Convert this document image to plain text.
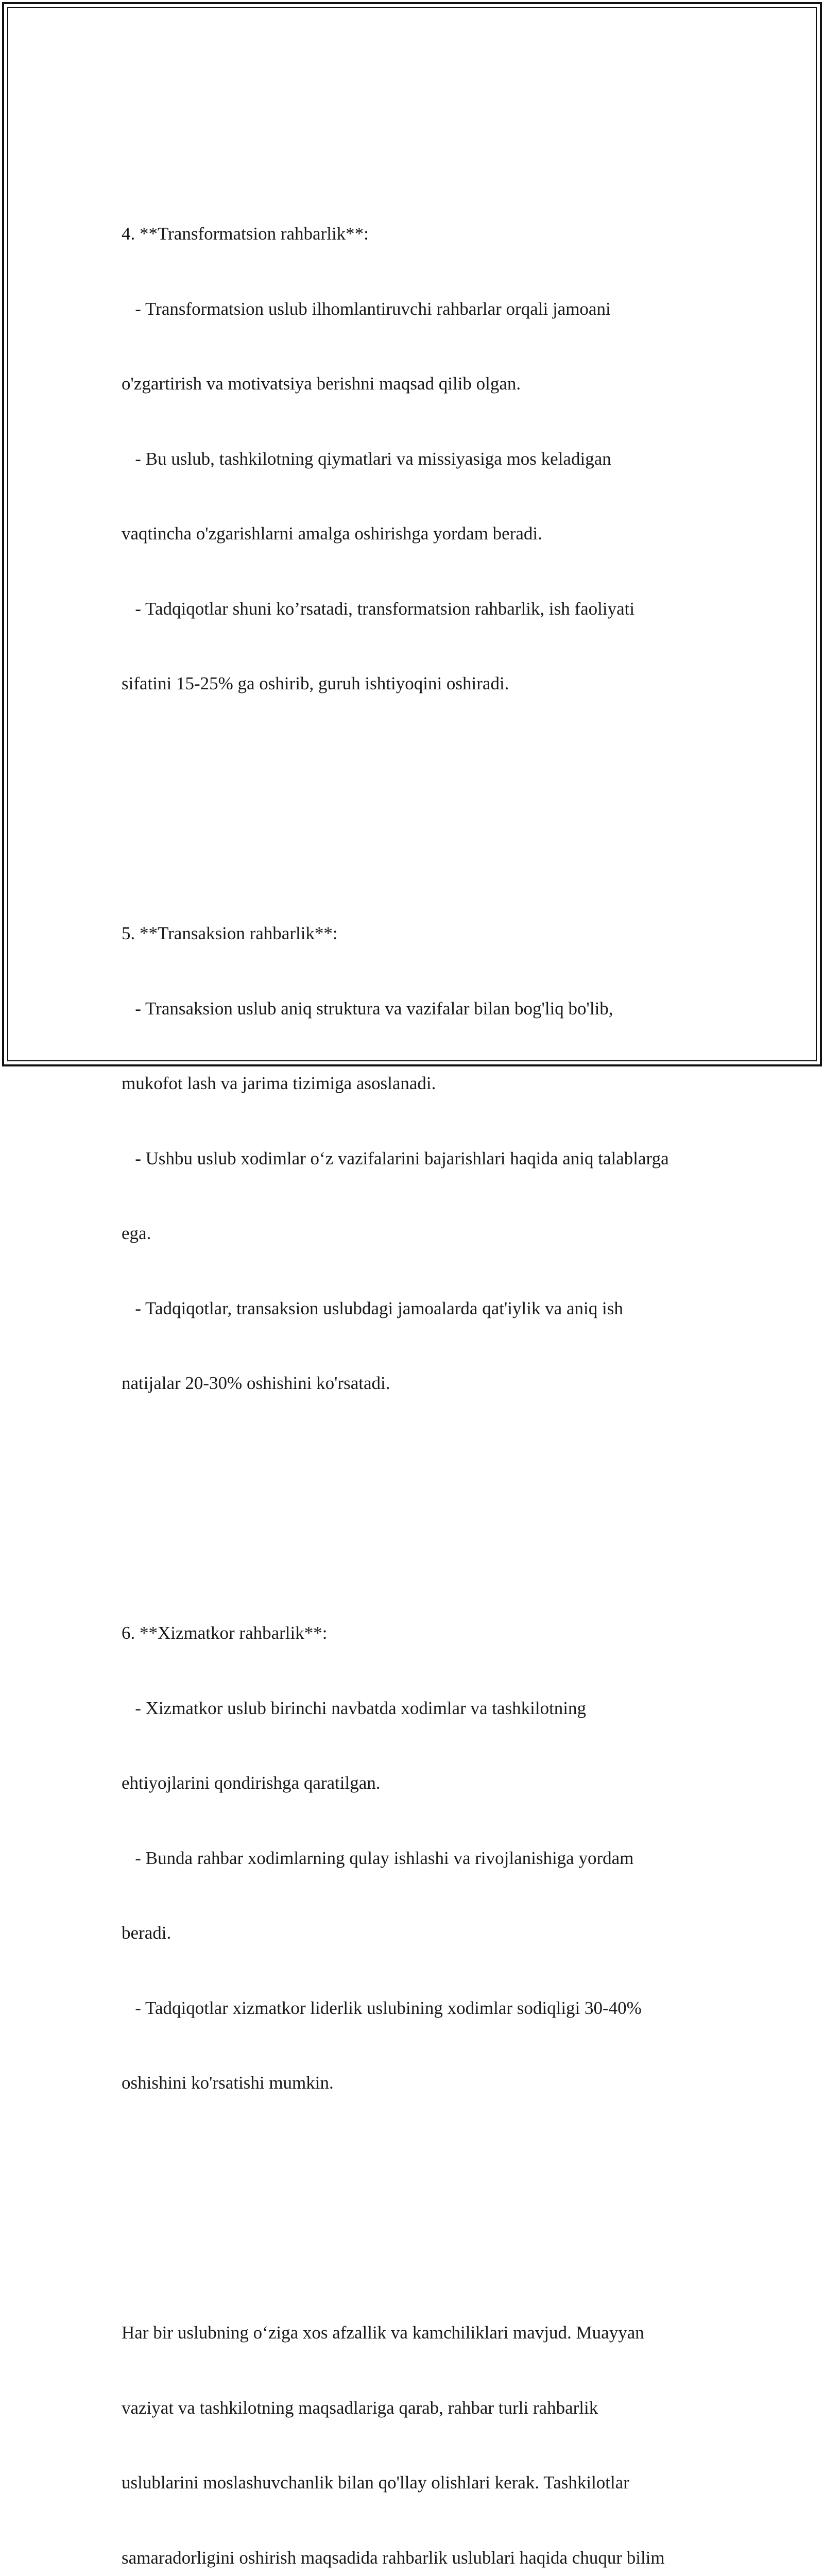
4. **Transformatsion rahbarlik**:

- Transformatsion uslub ilhomlantiruvchi rahbarlar orqali jamoani

o'zgartirish va motivatsiya berishni maqsad qilib olgan.

- Bu uslub, tashkilotning qiymatlari va missiyasiga mos keladigan

vaqtincha o'zgarishlarni amalga oshirishga yordam beradi.

- Tadqiqotlar shuni ko’rsatadi, transformatsion rahbarlik, ish faoliyati

sifatini 15-25% ga oshirib, guruh ishtiyoqini oshiradi.

5. **Transaksion rahbarlik**:

- Transaksion uslub aniq struktura va vazifalar bilan bog'liq bo'lib,

mukofot lash va jarima tizimiga asoslanadi.

- Ushbu uslub xodimlar o‘z vazifalarini bajarishlari haqida aniq talablarga

ega.

- Tadqiqotlar, transaksion uslubdagi jamoalarda qat'iylik va aniq ish

natijalar 20-30% oshishini ko'rsatadi.

6. **Xizmatkor rahbarlik**:

- Xizmatkor uslub birinchi navbatda xodimlar va tashkilotning

ehtiyojlarini qondirishga qaratilgan.

- Bunda rahbar xodimlarning qulay ishlashi va rivojlanishiga yordam

beradi.

- Tadqiqotlar xizmatkor liderlik uslubining xodimlar sodiqligi 30-40%

oshishini ko'rsatishi mumkin.

Har bir uslubning o‘ziga xos afzallik va kamchiliklari mavjud. Muayyan

vaziyat va tashkilotning maqsadlariga qarab, rahbar turli rahbarlik

uslublarini moslashuvchanlik bilan qo'llay olishlari kerak. Tashkilotlar

samaradorligini oshirish maqsadida rahbarlik uslublari haqida chuqur bilim
